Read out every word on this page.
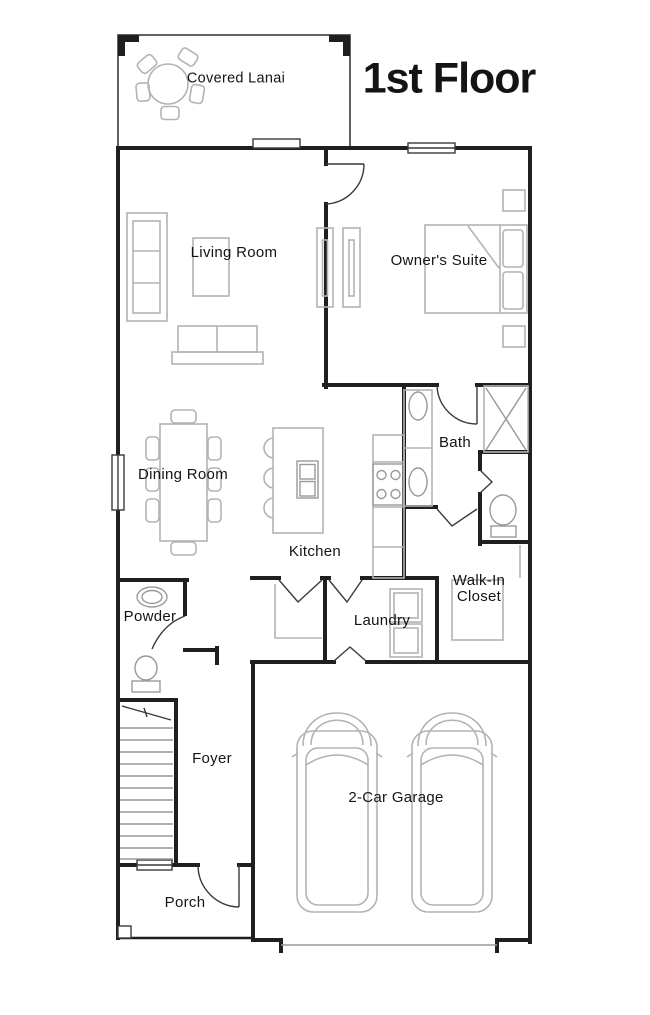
1st Floor
Covered Lanai
Living Room	Owner's Suite
Dining Room
Bath
Kitchen
Walk-In Closet
Powder	Laundry
Foyer
2-Car Garage
Porch
